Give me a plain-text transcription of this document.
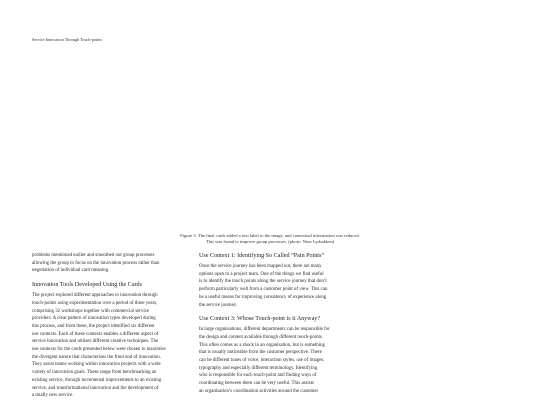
Service Innovation Through Touch-points
Figure 3. The final cards added a text label to the image, and contextual information was reduced.
This was found to improve group processes. (photo: Nina Lysbakken)

problems mentioned earlier and smoothed out group processes

allowing the group to focus on the innovation process rather than

negotiation of individual card meaning.

Innovation Tools Developed Using the Cards

The project explored different approaches to innovation through

touch-points using experimentation over a period of three years,

comprising 32 workshops together with commercial service

providers. A clear pattern of innovation types developed during

this process, and from these, the project identified six different

use contexts. Each of these contexts enables a different aspect of

service innovation and utilises different creative techniques. The

use contexts for the cards presented below were chosen to maximise

the divergent nature that characterises the front end of innovation.

They assist teams working within innovation projects with a wide

variety of innovation goals. These range from benchmarking an

existing service, through incremental improvements to an existing

service, and transformational innovation and the development of

a totally new service.

Use Context 1: Identifying So Called “Pain Points”

Once the service journey has been mapped out, there are many

options open to a project team. One of the things we find useful

is to identify the touch points along the service journey that don’t

perform particularly well from a customer point of view. This can

be a useful means for improving consistency of experience along

the service journey.

Use Context 3: Whose Touch-point is it Anyway?

In large organisations, different departments can be responsible for

the design and content available through different touch-points.

This often comes as a shock to an organisation, but is something

that is usually noticeable from the customer perspective. There

can be different tones of voice, interaction styles, use of images,

typography and especially different terminology. Identifying

who is responsible for each touch-point and finding ways of

coordinating between them can be very useful. This assists

an organisation’s coordination activities around the customer
